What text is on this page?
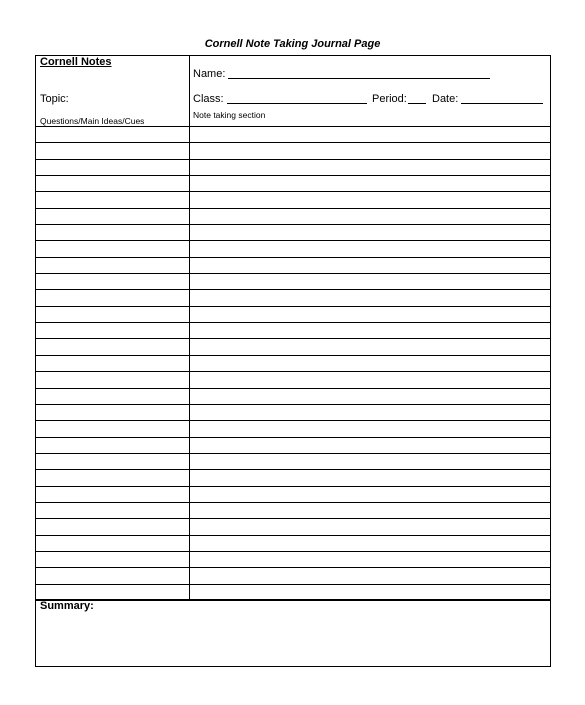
Cornell Note Taking Journal Page
Cornell Notes
Topic:
Questions/Main Ideas/Cues
Name:
Class:	Period: Date:
Note taking section
Summary:
